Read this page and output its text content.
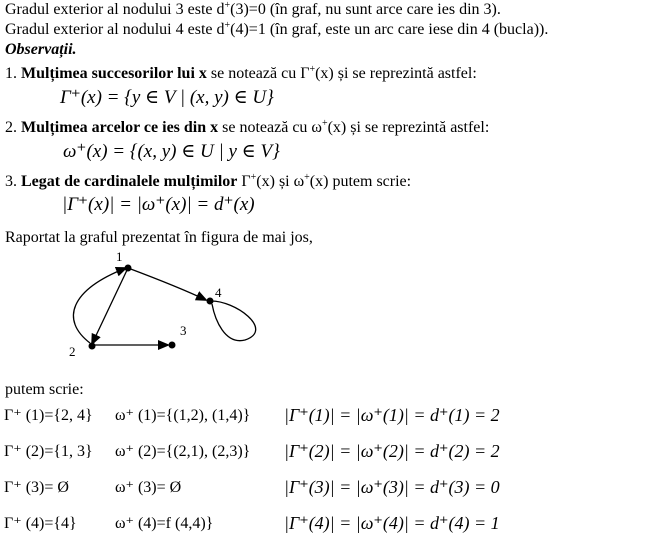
Gradul exterior al nodului 3 este d+(3)=0 (în graf, nu sunt arce care ies din 3).
Gradul exterior al nodului 4 este d+(4)=1 (în graf, este un arc care iese din 4 (bucla)).
Observații.
1. Mulțimea succesorilor lui x se notează cu Γ+(x) și se reprezintă astfel:
Γ⁺(x) = {y ∈ V | (x, y) ∈ U}
2. Mulțimea arcelor ce ies din x se notează cu ω+(x) și se reprezintă astfel:
ω⁺(x) = {(x, y) ∈ U | y ∈ V}
3. Legat de cardinalele mulțimilor Γ+(x) și ω+(x) putem scrie:
|Γ⁺(x)| = |ω⁺(x)| = d⁺(x)
Raportat la graful prezentat în figura de mai jos,
1
2
3
4
putem scrie:
Γ⁺ (1)={2, 4} ω⁺ (1)={(1,2), (1,4)} |Γ⁺(1)| = |ω⁺(1)| = d⁺(1) = 2
Γ⁺ (2)={1, 3} ω⁺ (2)={(2,1), (2,3)} |Γ⁺(2)| = |ω⁺(2)| = d⁺(2) = 2
Γ⁺ (3)= Ø	ω⁺ (3)= Ø	|Γ⁺(3)| = |ω⁺(3)| = d⁺(3) = 0
Γ⁺ (4)={4} ω⁺ (4)=f (4,4)}	|Γ⁺(4)| = |ω⁺(4)| = d⁺(4) = 1
